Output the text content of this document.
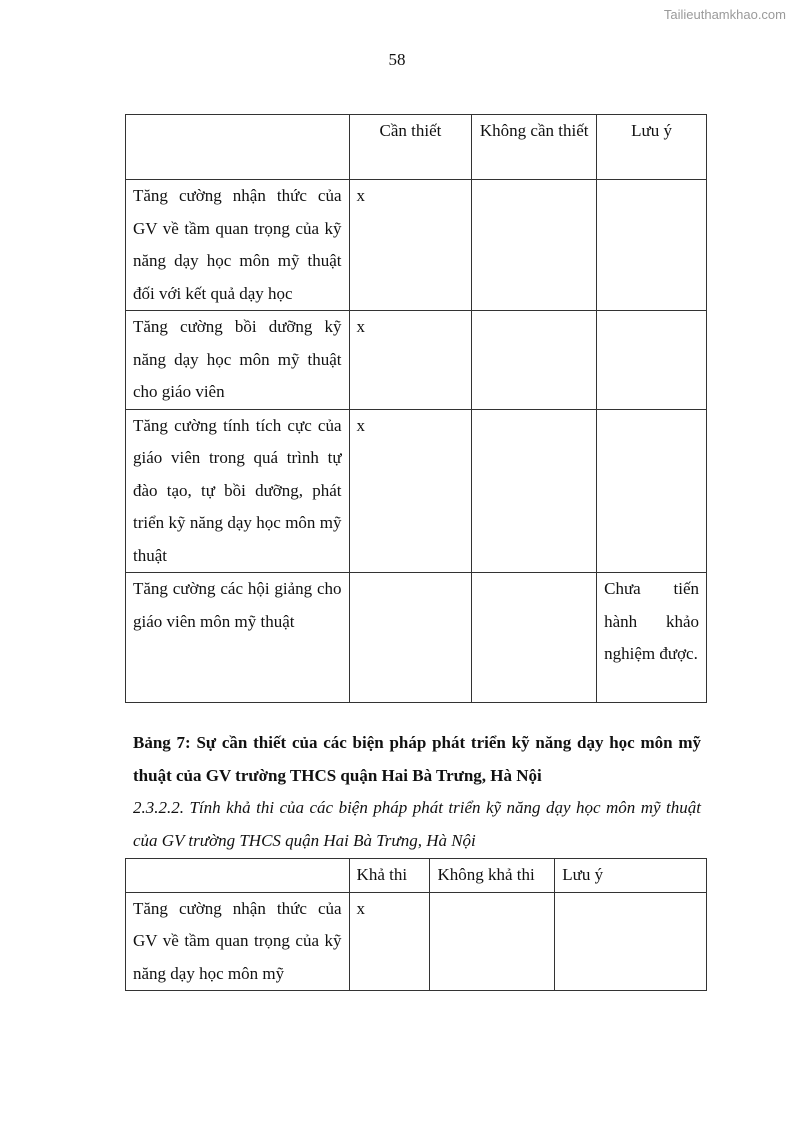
Tailieuthamkhao.com
58
	Cần thiết	Không cần thiết	Lưu ý
Tăng cường nhận thức của GV về tầm quan trọng của kỹ năng dạy học môn mỹ thuật đối với kết quả dạy học	x		
Tăng cường bồi dưỡng kỹ năng dạy học môn mỹ thuật cho giáo viên	x		
Tăng cường tính tích cực của giáo viên trong quá trình tự đào tạo, tự bồi dưỡng, phát triển kỹ năng dạy học môn mỹ thuật	x		
Tăng cường các hội giảng cho giáo viên môn mỹ thuật			Chưa tiến hành khảo nghiệm được.
Bảng 7: Sự cần thiết của các biện pháp phát triển kỹ năng dạy học môn mỹ thuật của GV trường THCS quận Hai Bà Trưng, Hà Nội
2.3.2.2. Tính khả thi của các biện pháp phát triển kỹ năng dạy học môn mỹ thuật của GV trường THCS quận Hai Bà Trưng, Hà Nội
	Khả thi	Không khả thi	Lưu ý
Tăng cường nhận thức của GV về tầm quan trọng của kỹ năng dạy học môn mỹ	x		
